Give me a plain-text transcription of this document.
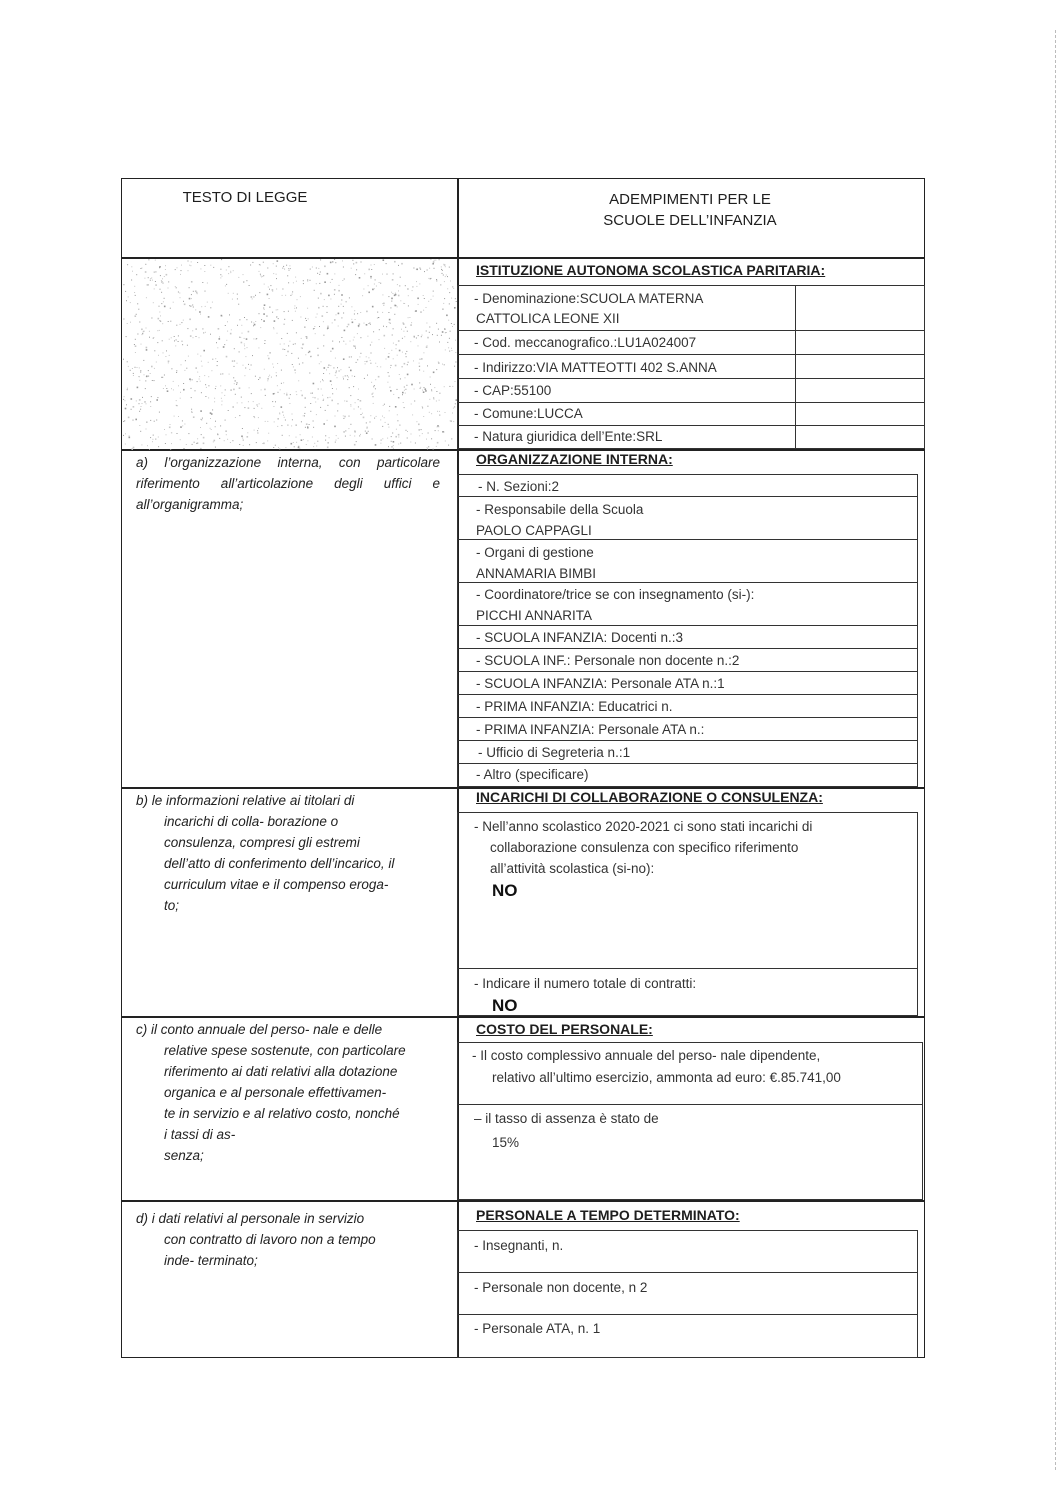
TESTO DI LEGGE	ADEMPIMENTI PER LE
SCUOLE DELL’INFANZIA
ISTITUZIONE AUTONOMA SCOLASTICA PARITARIA:
- Denominazione:SCUOLA MATERNA
CATTOLICA LEONE XII
- Cod. meccanografico.:LU1A024007
- Indirizzo:VIA MATTEOTTI 402 S.ANNA
- CAP:55100
- Comune:LUCCA
- Natura giuridica dell’Ente:SRL
a) l’organizzazione interna, con particolare riferimento all’articolazione degli uffici e all’organigramma;
ORGANIZZAZIONE INTERNA:
- N. Sezioni:2
- Responsabile della Scuola
PAOLO CAPPAGLI
- Organi di gestione
ANNAMARIA BIMBI
- Coordinatore/trice se con insegnamento (si-):
PICCHI ANNARITA
- SCUOLA INFANZIA: Docenti n.:3
- SCUOLA INF.: Personale non docente n.:2
- SCUOLA INFANZIA: Personale ATA n.:1
- PRIMA INFANZIA: Educatrici n.
- PRIMA INFANZIA: Personale ATA n.:
- Ufficio di Segreteria n.:1
- Altro (specificare)
b) le informazioni relative ai titolari di
incarichi di colla- borazione o
consulenza, compresi gli estremi
dell’atto di conferimento dell’incarico, il
curriculum vitae e il compenso eroga-
to;
INCARICHI DI COLLABORAZIONE O CONSULENZA:
- Nell’anno scolastico 2020-2021 ci sono stati incarichi di
collaborazione consulenza con specifico riferimento
all’attività scolastica (si-no):
NO
- Indicare il numero totale di contratti:
NO
c) il conto annuale del perso- nale e delle
relative spese sostenute, con particolare
riferimento ai dati relativi alla dotazione
organica e al personale effettivamen-
te in servizio e al relativo costo, nonché
i tassi di as-
senza;
COSTO DEL PERSONALE:
- Il costo complessivo annuale del perso- nale dipendente,
relativo all’ultimo esercizio, ammonta ad euro: €.85.741,00
– il tasso di assenza è stato de
15%
d) i dati relativi al personale in servizio
con contratto di lavoro non a tempo
inde- terminato;
PERSONALE A TEMPO DETERMINATO:
- Insegnanti, n.
- Personale non docente, n 2
- Personale ATA, n. 1
